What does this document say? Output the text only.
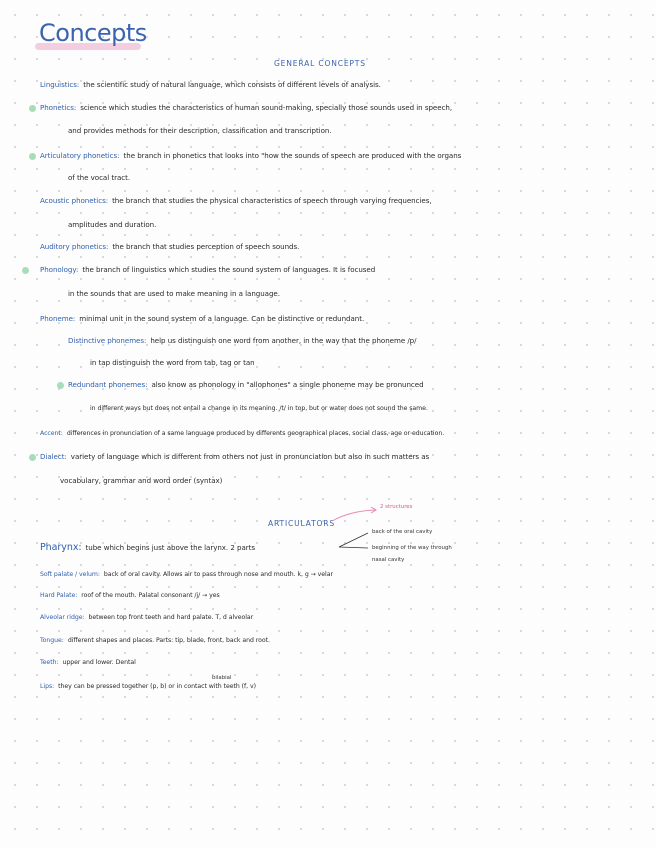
Concepts
GENERAL CONCEPTS
Linguistics: the scientific study of natural language, which consists of different levels of analysis.
Phonetics: science which studies the characteristics of human sound-making, specially those sounds used in speech,
and provides methods for their description, classification and transcription.
Articulatory phonetics: the branch in phonetics that looks into "how the sounds of speech are produced with the organs
of the vocal tract.
Acoustic phonetics: the branch that studies the physical characteristics of speech through varying frequencies,
amplitudes and duration.
Auditory phonetics: the branch that studies perception of speech sounds.
Phonology: the branch of linguistics which studies the sound system of languages. It is focused
in the sounds that are used to make meaning in a language.
Phoneme: minimal unit in the sound system of a language. Can be distinctive or redundant.
Distinctive phonemes: help us distinguish one word from another, in the way that the phoneme /p/
in tap distinguish the word from tab, tag or tan
Redundant phonemes: also know as phonology in "allophones" a single phoneme may be pronunced
in different ways but does not entail a change in its meaning. /t/ in top, but or water does not sound the same.
Accent: differences in pronunciation of a same language produced by differents geographical places, social class, age or education.
Dialect: variety of language which is different from others not just in pronunciation but also in such matters as
vocabulary, grammar and word order (syntax)
ARTICULATORS
2 structures
Pharynx: tube which begins just above the larynx. 2 parts
back of the oral cavity
beginning of the way through
nasal cavity
Soft palate / velum: back of oral cavity. Allows air to pass through nose and mouth. k, g → velar
Hard Palate: roof of the mouth. Palatal consonant /j/ → yes
Alveolar ridge: between top front teeth and hard palate. T, d alveolar
Tongue: different shapes and places. Parts: tip, blade, front, back and root.
Teeth: upper and lower. Dental
bilabial
Lips: they can be pressed together (p, b) or in contact with teeth (f, v)
